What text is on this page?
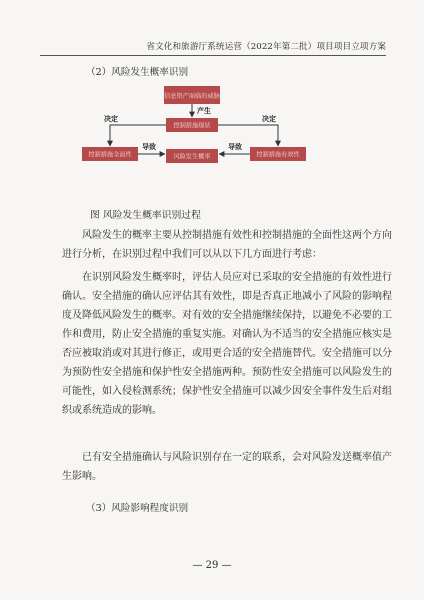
省文化和旅游厅系统运营（2022年第二批）项目项目立项方案
（2）风险发生概率识别
信息资产面临的威胁
控制措施现状
控制措施全面性	控制措施有效性
风险发生概率
产生
决定	决定
导致	导致
图 风险发生概率识别过程

风险发生的概率主要从控制措施有效性和控制措施的全面性这两个方向进行分析，在识别过程中我们可以从以下几方面进行考虑：

在识别风险发生概率时，评估人员应对已采取的安全措施的有效性进行确认。安全措施的确认应评估其有效性，即是否真正地减小了风险的影响程度及降低风险发生的概率。对有效的安全措施继续保持，以避免不必要的工作和费用，防止安全措施的重复实施。对确认为不适当的安全措施应核实是否应被取消或对其进行修正，或用更合适的安全措施替代。安全措施可以分为预防性安全措施和保护性安全措施两种。预防性安全措施可以风险发生的可能性，如入侵检测系统；保护性安全措施可以减少因安全事件发生后对组织或系统造成的影响。

已有安全措施确认与风险识别存在一定的联系，会对风险发送概率值产生影响。

（3）风险影响程度识别
— 29 —
